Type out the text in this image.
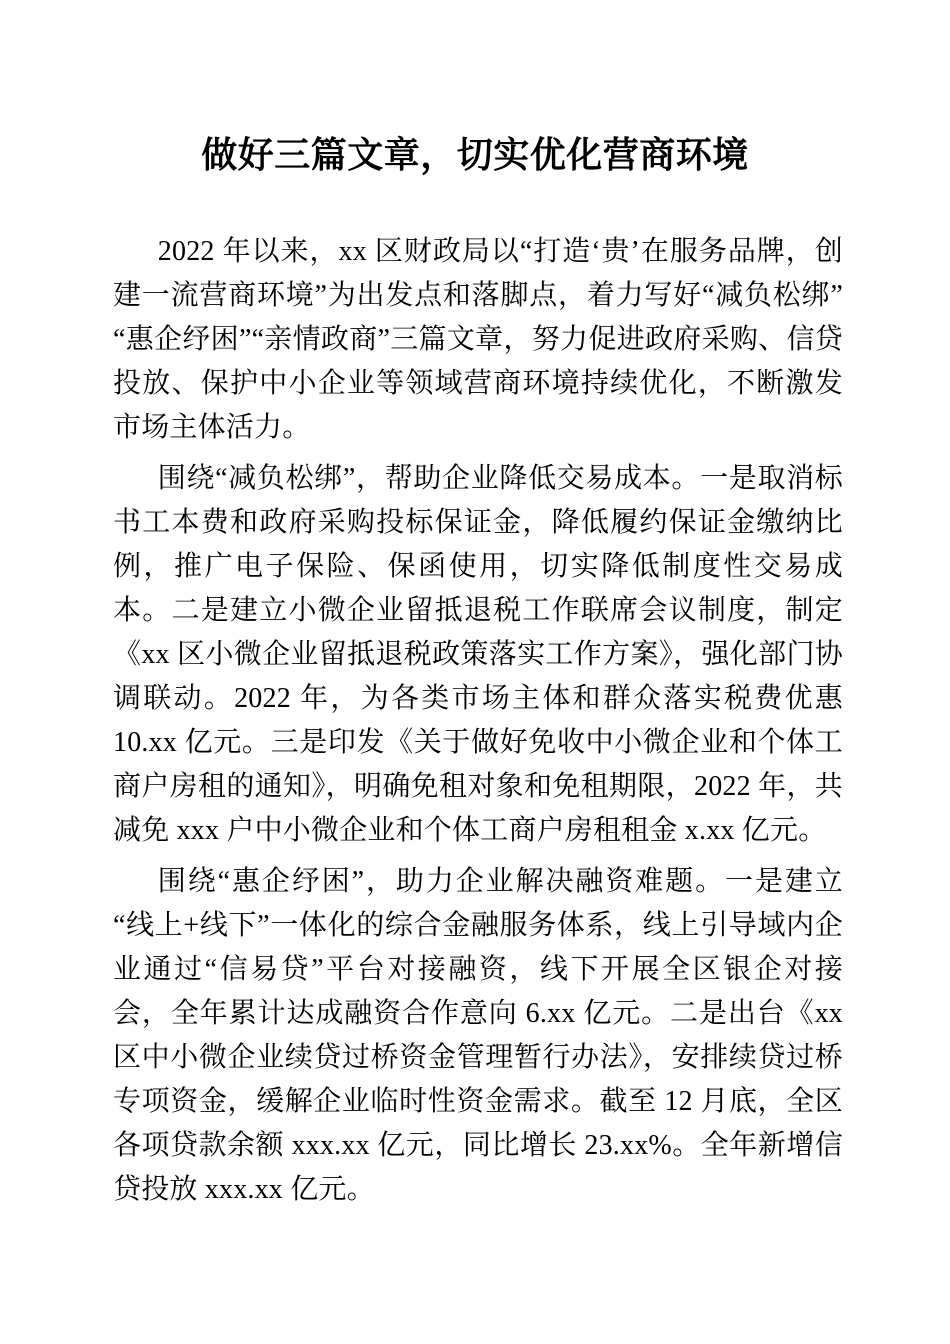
做好三篇文章，切实优化营商环境

2022 年以来，xx 区财政局以“打造‘贵’在服务品牌，创建一流营商环境”为出发点和落脚点，着力写好“减负松绑”“惠企纾困”“亲情政商”三篇文章，努力促进政府采购、信贷投放、保护中小企业等领域营商环境持续优化，不断激发市场主体活力。

围绕“减负松绑”，帮助企业降低交易成本。一是取消标书工本费和政府采购投标保证金，降低履约保证金缴纳比例，推广电子保险、保函使用，切实降低制度性交易成本。二是建立小微企业留抵退税工作联席会议制度，制定《xx 区小微企业留抵退税政策落实工作方案》，强化部门协调联动。2022 年，为各类市场主体和群众落实税费优惠 10.xx 亿元。三是印发《关于做好免收中小微企业和个体工商户房租的通知》，明确免租对象和免租期限，2022 年，共减免 xxx 户中小微企业和个体工商户房租租金 x.xx 亿元。

围绕“惠企纾困”，助力企业解决融资难题。一是建立“线上+线下”一体化的综合金融服务体系，线上引导域内企业通过“信易贷”平台对接融资，线下开展全区银企对接会，全年累计达成融资合作意向 6.xx 亿元。二是出台《xx 区中小微企业续贷过桥资金管理暂行办法》，安排续贷过桥专项资金，缓解企业临时性资金需求。截至 12 月底，全区各项贷款余额 xxx.xx 亿元，同比增长 23.xx%。全年新增信贷投放 xxx.xx 亿元。
